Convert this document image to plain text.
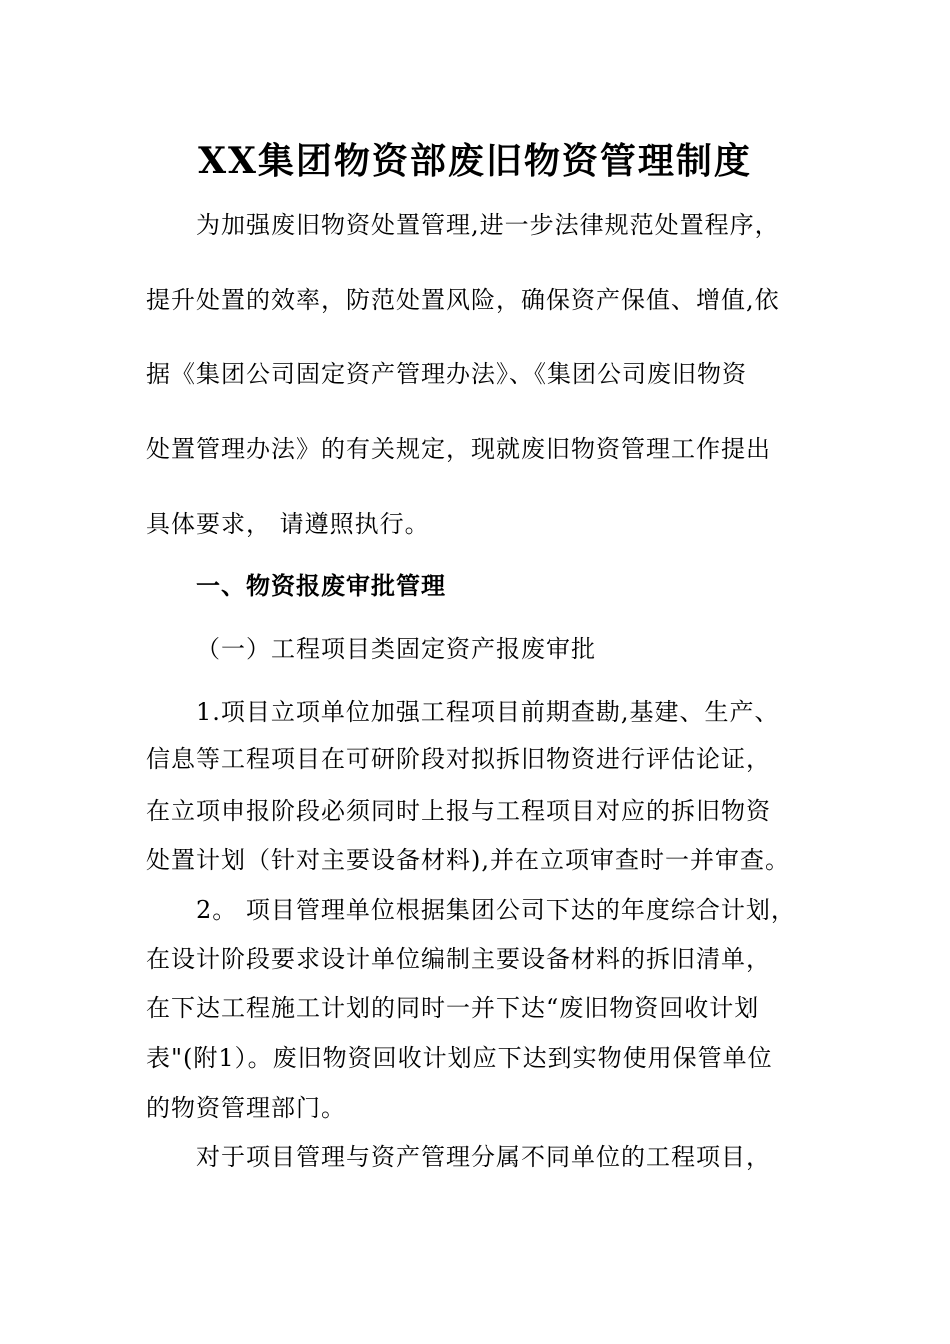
XX集团物资部废旧物资管理制度
为加强废旧物资处置管理,进一步法律规范处置程序，
提升处置的效率，防范处置风险，确保资产保值、增值,依
据《集团公司固定资产管理办法》、《集团公司废旧物资
处置管理办法》的有关规定，现就废旧物资管理工作提出
具体要求， 请遵照执行。
一、物资报废审批管理
（一）工程项目类固定资产报废审批
1.项目立项单位加强工程项目前期查勘,基建、生产、
信息等工程项目在可研阶段对拟拆旧物资进行评估论证，
在立项申报阶段必须同时上报与工程项目对应的拆旧物资
处置计划（针对主要设备材料),并在立项审查时一并审查。
2。 项目管理单位根据集团公司下达的年度综合计划，
在设计阶段要求设计单位编制主要设备材料的拆旧清单，
在下达工程施工计划的同时一并下达“废旧物资回收计划
表"(附1）。废旧物资回收计划应下达到实物使用保管单位
的物资管理部门。
对于项目管理与资产管理分属不同单位的工程项目，
